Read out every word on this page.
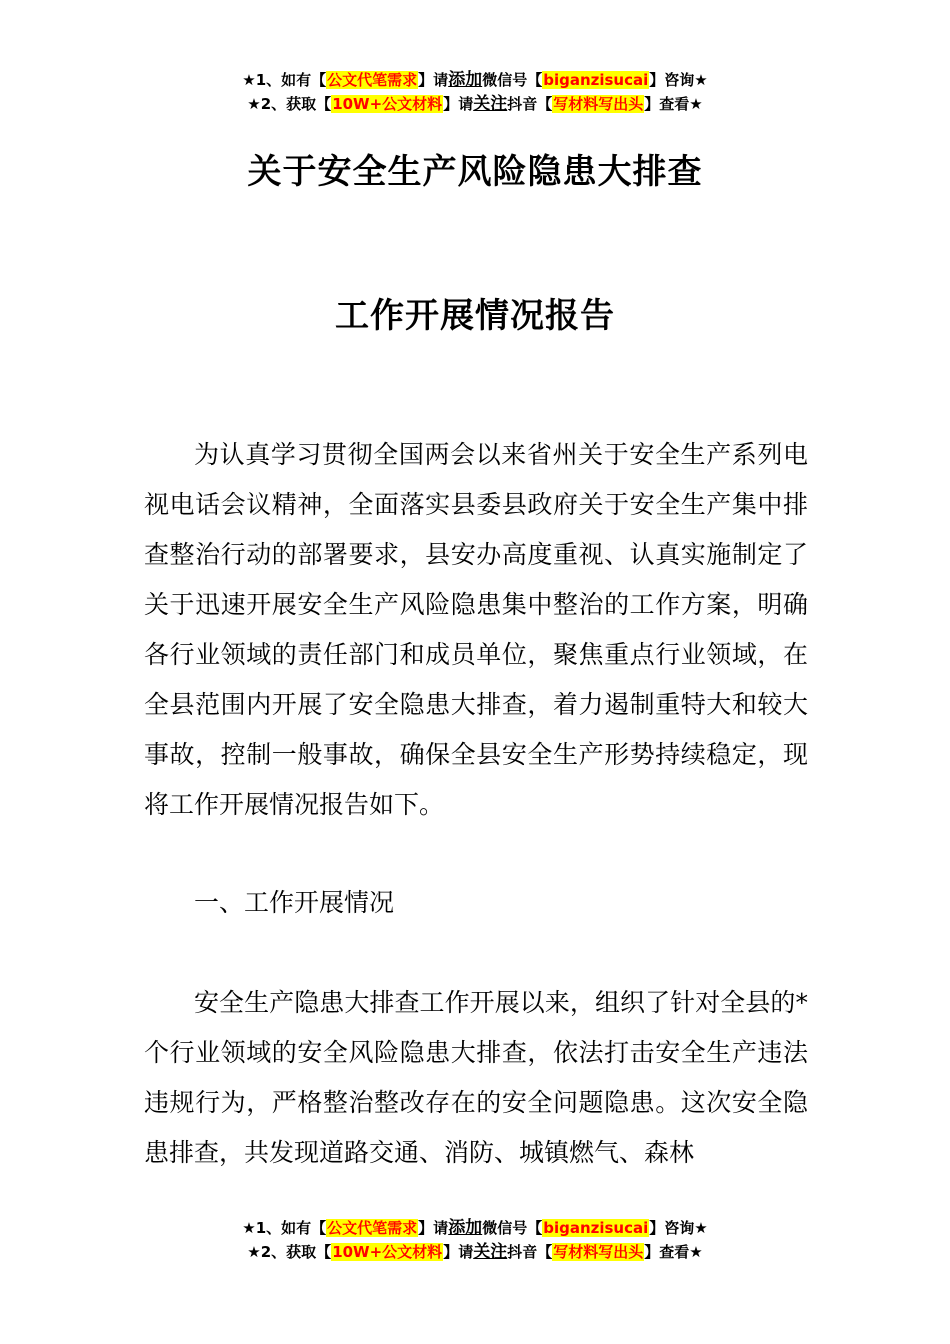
★1、如有【公文代笔需求】请添加微信号【biganzisucai】咨询★
★2、获取【10W+公文材料】请关注抖音【写材料写出头】查看★
关于安全生产风险隐患大排查
工作开展情况报告

为认真学习贯彻全国两会以来省州关于安全生产系列电视电话会议精神，全面落实县委县政府关于安全生产集中排查整治行动的部署要求，县安办高度重视、认真实施制定了关于迅速开展安全生产风险隐患集中整治的工作方案，明确各行业领域的责任部门和成员单位，聚焦重点行业领域，在全县范围内开展了安全隐患大排查，着力遏制重特大和较大事故，控制一般事故，确保全县安全生产形势持续稳定，现将工作开展情况报告如下。

一、工作开展情况

安全生产隐患大排查工作开展以来，组织了针对全县的*个行业领域的安全风险隐患大排查，依法打击安全生产违法违规行为，严格整治整改存在的安全问题隐患。这次安全隐患排查，共发现道路交通、消防、城镇燃气、森林

★1、如有【公文代笔需求】请添加微信号【biganzisucai】咨询★
★2、获取【10W+公文材料】请关注抖音【写材料写出头】查看★
